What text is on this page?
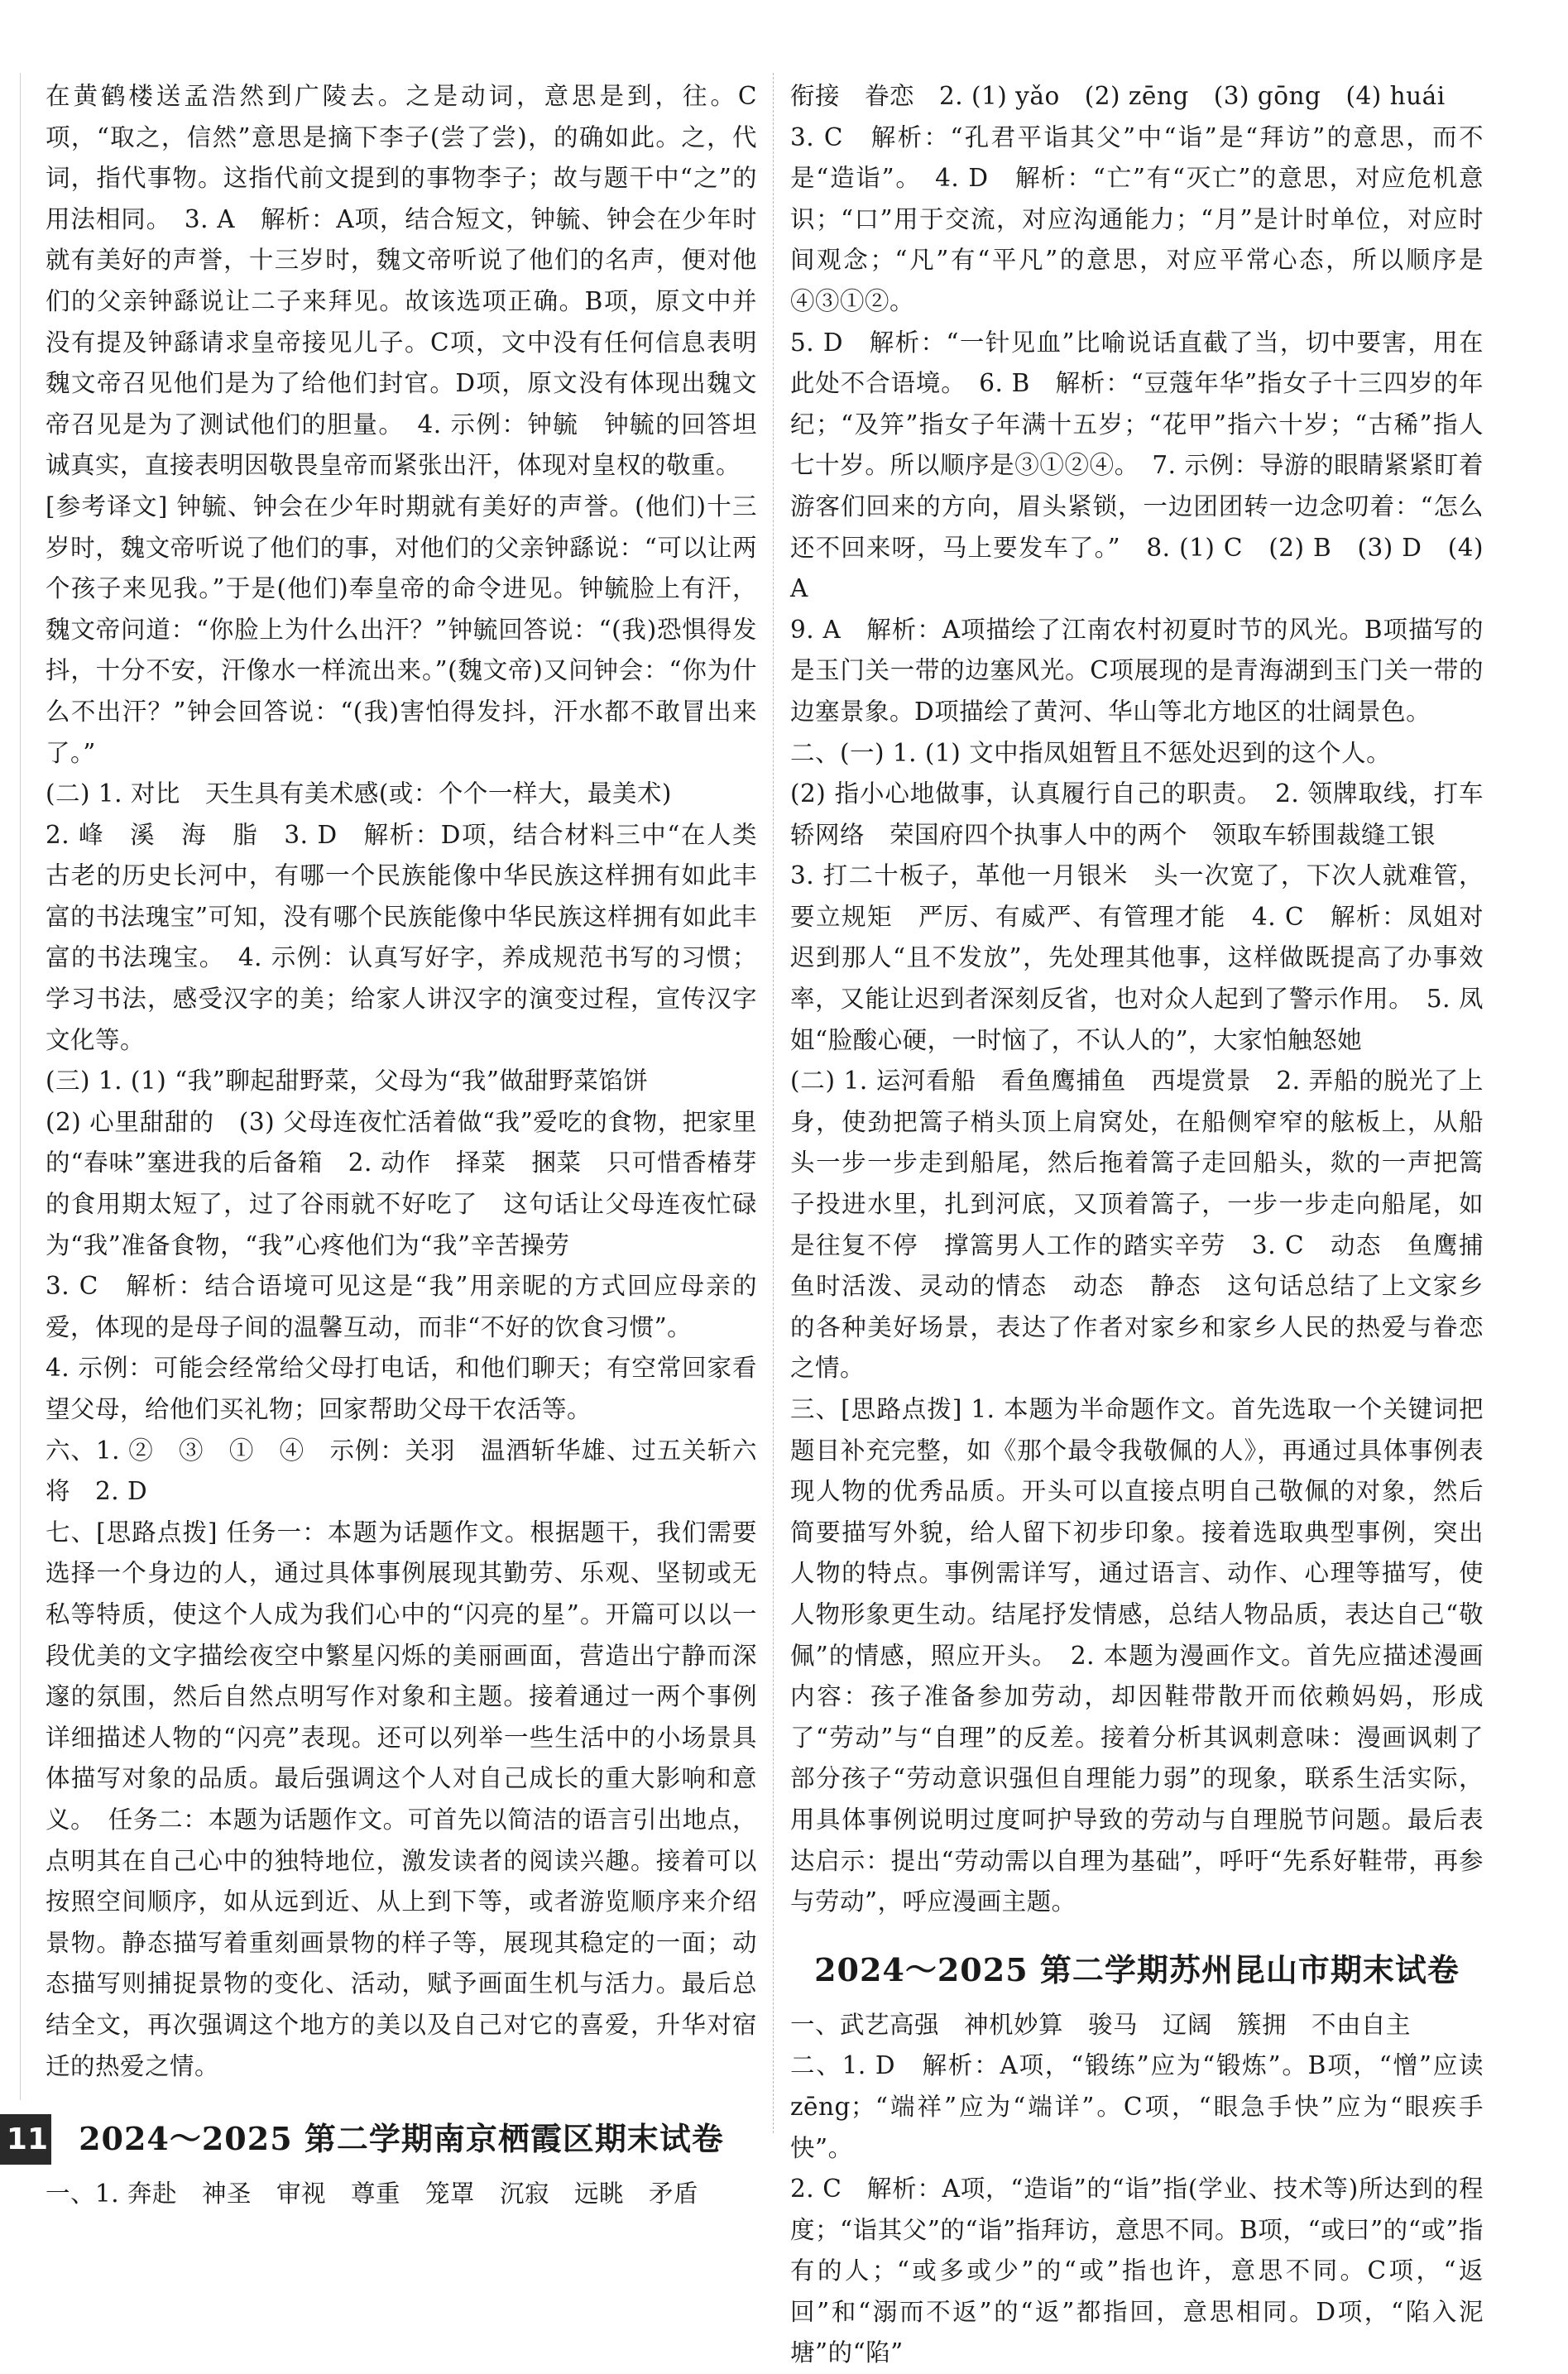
在黄鹤楼送孟浩然到广陵去。之是动词，意思是到，往。C项，“取之，信然”意思是摘下李子(尝了尝)，的确如此。之，代词，指代事物。这指代前文提到的事物李子；故与题干中“之”的用法相同。　3. A　解析：A项，结合短文，钟毓、钟会在少年时就有美好的声誉，十三岁时，魏文帝听说了他们的名声，便对他们的父亲钟繇说让二子来拜见。故该选项正确。B项，原文中并没有提及钟繇请求皇帝接见儿子。C项，文中没有任何信息表明魏文帝召见他们是为了给他们封官。D项，原文没有体现出魏文帝召见是为了测试他们的胆量。　4. 示例：钟毓　钟毓的回答坦诚真实，直接表明因敬畏皇帝而紧张出汗，体现对皇权的敬重。

[参考译文] 钟毓、钟会在少年时期就有美好的声誉。(他们)十三岁时，魏文帝听说了他们的事，对他们的父亲钟繇说：“可以让两个孩子来见我。”于是(他们)奉皇帝的命令进见。钟毓脸上有汗，魏文帝问道：“你脸上为什么出汗？”钟毓回答说：“(我)恐惧得发抖，十分不安，汗像水一样流出来。”(魏文帝)又问钟会：“你为什么不出汗？”钟会回答说：“(我)害怕得发抖，汗水都不敢冒出来了。”

(二) 1. 对比　天生具有美术感(或：个个一样大，最美术)

2. 峰　溪　海　脂　3. D　解析：D项，结合材料三中“在人类古老的历史长河中，有哪一个民族能像中华民族这样拥有如此丰富的书法瑰宝”可知，没有哪个民族能像中华民族这样拥有如此丰富的书法瑰宝。　4. 示例：认真写好字，养成规范书写的习惯；学习书法，感受汉字的美；给家人讲汉字的演变过程，宣传汉字文化等。

(三) 1. (1) “我”聊起甜野菜，父母为“我”做甜野菜馅饼

(2) 心里甜甜的　(3) 父母连夜忙活着做“我”爱吃的食物，把家里的“春味”塞进我的后备箱　2. 动作　择菜　捆菜　只可惜香椿芽的食用期太短了，过了谷雨就不好吃了　这句话让父母连夜忙碌为“我”准备食物，“我”心疼他们为“我”辛苦操劳

3. C　解析：结合语境可见这是“我”用亲昵的方式回应母亲的爱，体现的是母子间的温馨互动，而非“不好的饮食习惯”。

4. 示例：可能会经常给父母打电话，和他们聊天；有空常回家看望父母，给他们买礼物；回家帮助父母干农活等。

六、1. ②　③　①　④　示例：关羽　温酒斩华雄、过五关斩六将　2. D

七、[思路点拨] 任务一：本题为话题作文。根据题干，我们需要选择一个身边的人，通过具体事例展现其勤劳、乐观、坚韧或无私等特质，使这个人成为我们心中的“闪亮的星”。开篇可以以一段优美的文字描绘夜空中繁星闪烁的美丽画面，营造出宁静而深邃的氛围，然后自然点明写作对象和主题。接着通过一两个事例详细描述人物的“闪亮”表现。还可以列举一些生活中的小场景具体描写对象的品质。最后强调这个人对自己成长的重大影响和意义。　任务二：本题为话题作文。可首先以简洁的语言引出地点，点明其在自己心中的独特地位，激发读者的阅读兴趣。接着可以按照空间顺序，如从远到近、从上到下等，或者游览顺序来介绍景物。静态描写着重刻画景物的样子等，展现其稳定的一面；动态描写则捕捉景物的变化、活动，赋予画面生机与活力。最后总结全文，再次强调这个地方的美以及自己对它的喜爱，升华对宿迁的热爱之情。

2024～2025 第二学期南京栖霞区期末试卷

一、1. 奔赴　神圣　审视　尊重　笼罩　沉寂　远眺　矛盾

衔接　眷恋　2. (1) yǎo　(2) zēng　(3) gōng　(4) huái

3. C　解析：“孔君平诣其父”中“诣”是“拜访”的意思，而不是“造诣”。　4. D　解析：“亡”有“灭亡”的意思，对应危机意识；“口”用于交流，对应沟通能力；“月”是计时单位，对应时间观念；“凡”有“平凡”的意思，对应平常心态，所以顺序是④③①②。

5. D　解析：“一针见血”比喻说话直截了当，切中要害，用在此处不合语境。　6. B　解析：“豆蔻年华”指女子十三四岁的年纪；“及笄”指女子年满十五岁；“花甲”指六十岁；“古稀”指人七十岁。所以顺序是③①②④。　7. 示例：导游的眼睛紧紧盯着游客们回来的方向，眉头紧锁，一边团团转一边念叨着：“怎么还不回来呀，马上要发车了。”　8. (1) C　(2) B　(3) D　(4) A

9. A　解析：A项描绘了江南农村初夏时节的风光。B项描写的是玉门关一带的边塞风光。C项展现的是青海湖到玉门关一带的边塞景象。D项描绘了黄河、华山等北方地区的壮阔景色。

二、(一) 1. (1) 文中指凤姐暂且不惩处迟到的这个人。

(2) 指小心地做事，认真履行自己的职责。　2. 领牌取线，打车轿网络　荣国府四个执事人中的两个　领取车轿围裁缝工银

3. 打二十板子，革他一月银米　头一次宽了，下次人就难管，要立规矩　严厉、有威严、有管理才能　4. C　解析：凤姐对迟到那人“且不发放”，先处理其他事，这样做既提高了办事效率，又能让迟到者深刻反省，也对众人起到了警示作用。　5. 凤姐“脸酸心硬，一时恼了，不认人的”，大家怕触怒她

(二) 1. 运河看船　看鱼鹰捕鱼　西堤赏景　2. 弄船的脱光了上身，使劲把篙子梢头顶上肩窝处，在船侧窄窄的舷板上，从船头一步一步走到船尾，然后拖着篙子走回船头，欻的一声把篙子投进水里，扎到河底，又顶着篙子，一步一步走向船尾，如是往复不停　撑篙男人工作的踏实辛劳　3. C　动态　鱼鹰捕鱼时活泼、灵动的情态　动态　静态　这句话总结了上文家乡的各种美好场景，表达了作者对家乡和家乡人民的热爱与眷恋之情。

三、[思路点拨] 1. 本题为半命题作文。首先选取一个关键词把题目补充完整，如《那个最令我敬佩的人》，再通过具体事例表现人物的优秀品质。开头可以直接点明自己敬佩的对象，然后简要描写外貌，给人留下初步印象。接着选取典型事例，突出人物的特点。事例需详写，通过语言、动作、心理等描写，使人物形象更生动。结尾抒发情感，总结人物品质，表达自己“敬佩”的情感，照应开头。　2. 本题为漫画作文。首先应描述漫画内容：孩子准备参加劳动，却因鞋带散开而依赖妈妈，形成了“劳动”与“自理”的反差。接着分析其讽刺意味：漫画讽刺了部分孩子“劳动意识强但自理能力弱”的现象，联系生活实际，用具体事例说明过度呵护导致的劳动与自理脱节问题。最后表达启示：提出“劳动需以自理为基础”，呼吁“先系好鞋带，再参与劳动”，呼应漫画主题。

2024～2025 第二学期苏州昆山市期末试卷

一、武艺高强　神机妙算　骏马　辽阔　簇拥　不由自主

二、1. D　解析：A项，“锻练”应为“锻炼”。B项，“憎”应读 zēng；“端祥”应为“端详”。C项，“眼急手快”应为“眼疾手快”。

2. C　解析：A项，“造诣”的“诣”指(学业、技术等)所达到的程度；“诣其父”的“诣”指拜访，意思不同。B项，“或曰”的“或”指有的人；“或多或少”的“或”指也许，意思不同。C项，“返回”和“溺而不返”的“返”都指回，意思相同。D项，“陷入泥塘”的“陷”

11
